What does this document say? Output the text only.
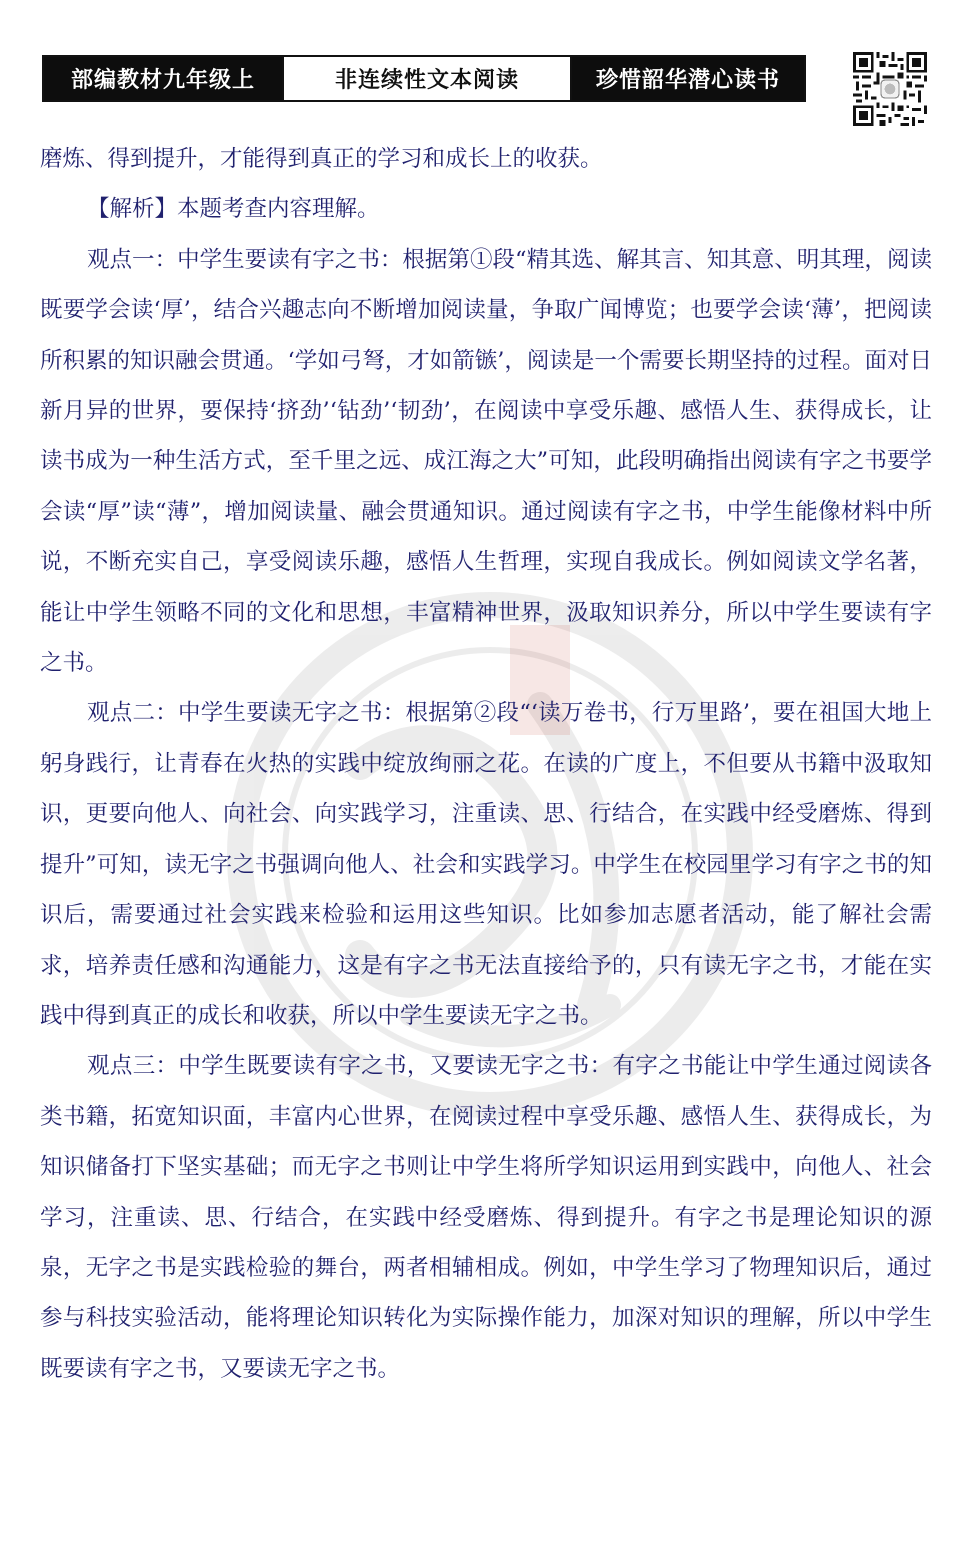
部编教材九年级上	非连续性文本阅读	珍惜韶华潜心读书

磨炼、得到提升，才能得到真正的学习和成长上的收获。

【解析】本题考查内容理解。

观点一：中学生要读有字之书：根据第①段“精其选、解其言、知其意、明其理，阅读既要学会读‘厚’，结合兴趣志向不断增加阅读量，争取广闻博览；也要学会读‘薄’，把阅读所积累的知识融会贯通。‘学如弓弩，才如箭镞’，阅读是一个需要长期坚持的过程。面对日新月异的世界，要保持‘挤劲’‘钻劲’‘韧劲’，在阅读中享受乐趣、感悟人生、获得成长，让读书成为一种生活方式，至千里之远、成江海之大”可知，此段明确指出阅读有字之书要学会读“厚”读“薄”，增加阅读量、融会贯通知识。通过阅读有字之书，中学生能像材料中所说，不断充实自己，享受阅读乐趣，感悟人生哲理，实现自我成长。例如阅读文学名著，能让中学生领略不同的文化和思想，丰富精神世界，汲取知识养分，所以中学生要读有字之书。

观点二：中学生要读无字之书：根据第②段“‘读万卷书，行万里路’，要在祖国大地上躬身践行，让青春在火热的实践中绽放绚丽之花。在读的广度上，不但要从书籍中汲取知识，更要向他人、向社会、向实践学习，注重读、思、行结合，在实践中经受磨炼、得到提升”可知，读无字之书强调向他人、社会和实践学习。中学生在校园里学习有字之书的知识后，需要通过社会实践来检验和运用这些知识。比如参加志愿者活动，能了解社会需求，培养责任感和沟通能力，这是有字之书无法直接给予的，只有读无字之书，才能在实践中得到真正的成长和收获，所以中学生要读无字之书。

观点三：中学生既要读有字之书，又要读无字之书：有字之书能让中学生通过阅读各类书籍，拓宽知识面，丰富内心世界，在阅读过程中享受乐趣、感悟人生、获得成长，为知识储备打下坚实基础；而无字之书则让中学生将所学知识运用到实践中，向他人、社会学习，注重读、思、行结合，在实践中经受磨炼、得到提升。有字之书是理论知识的源泉，无字之书是实践检验的舞台，两者相辅相成。例如，中学生学习了物理知识后，通过参与科技实验活动，能将理论知识转化为实际操作能力，加深对知识的理解，所以中学生既要读有字之书，又要读无字之书。
